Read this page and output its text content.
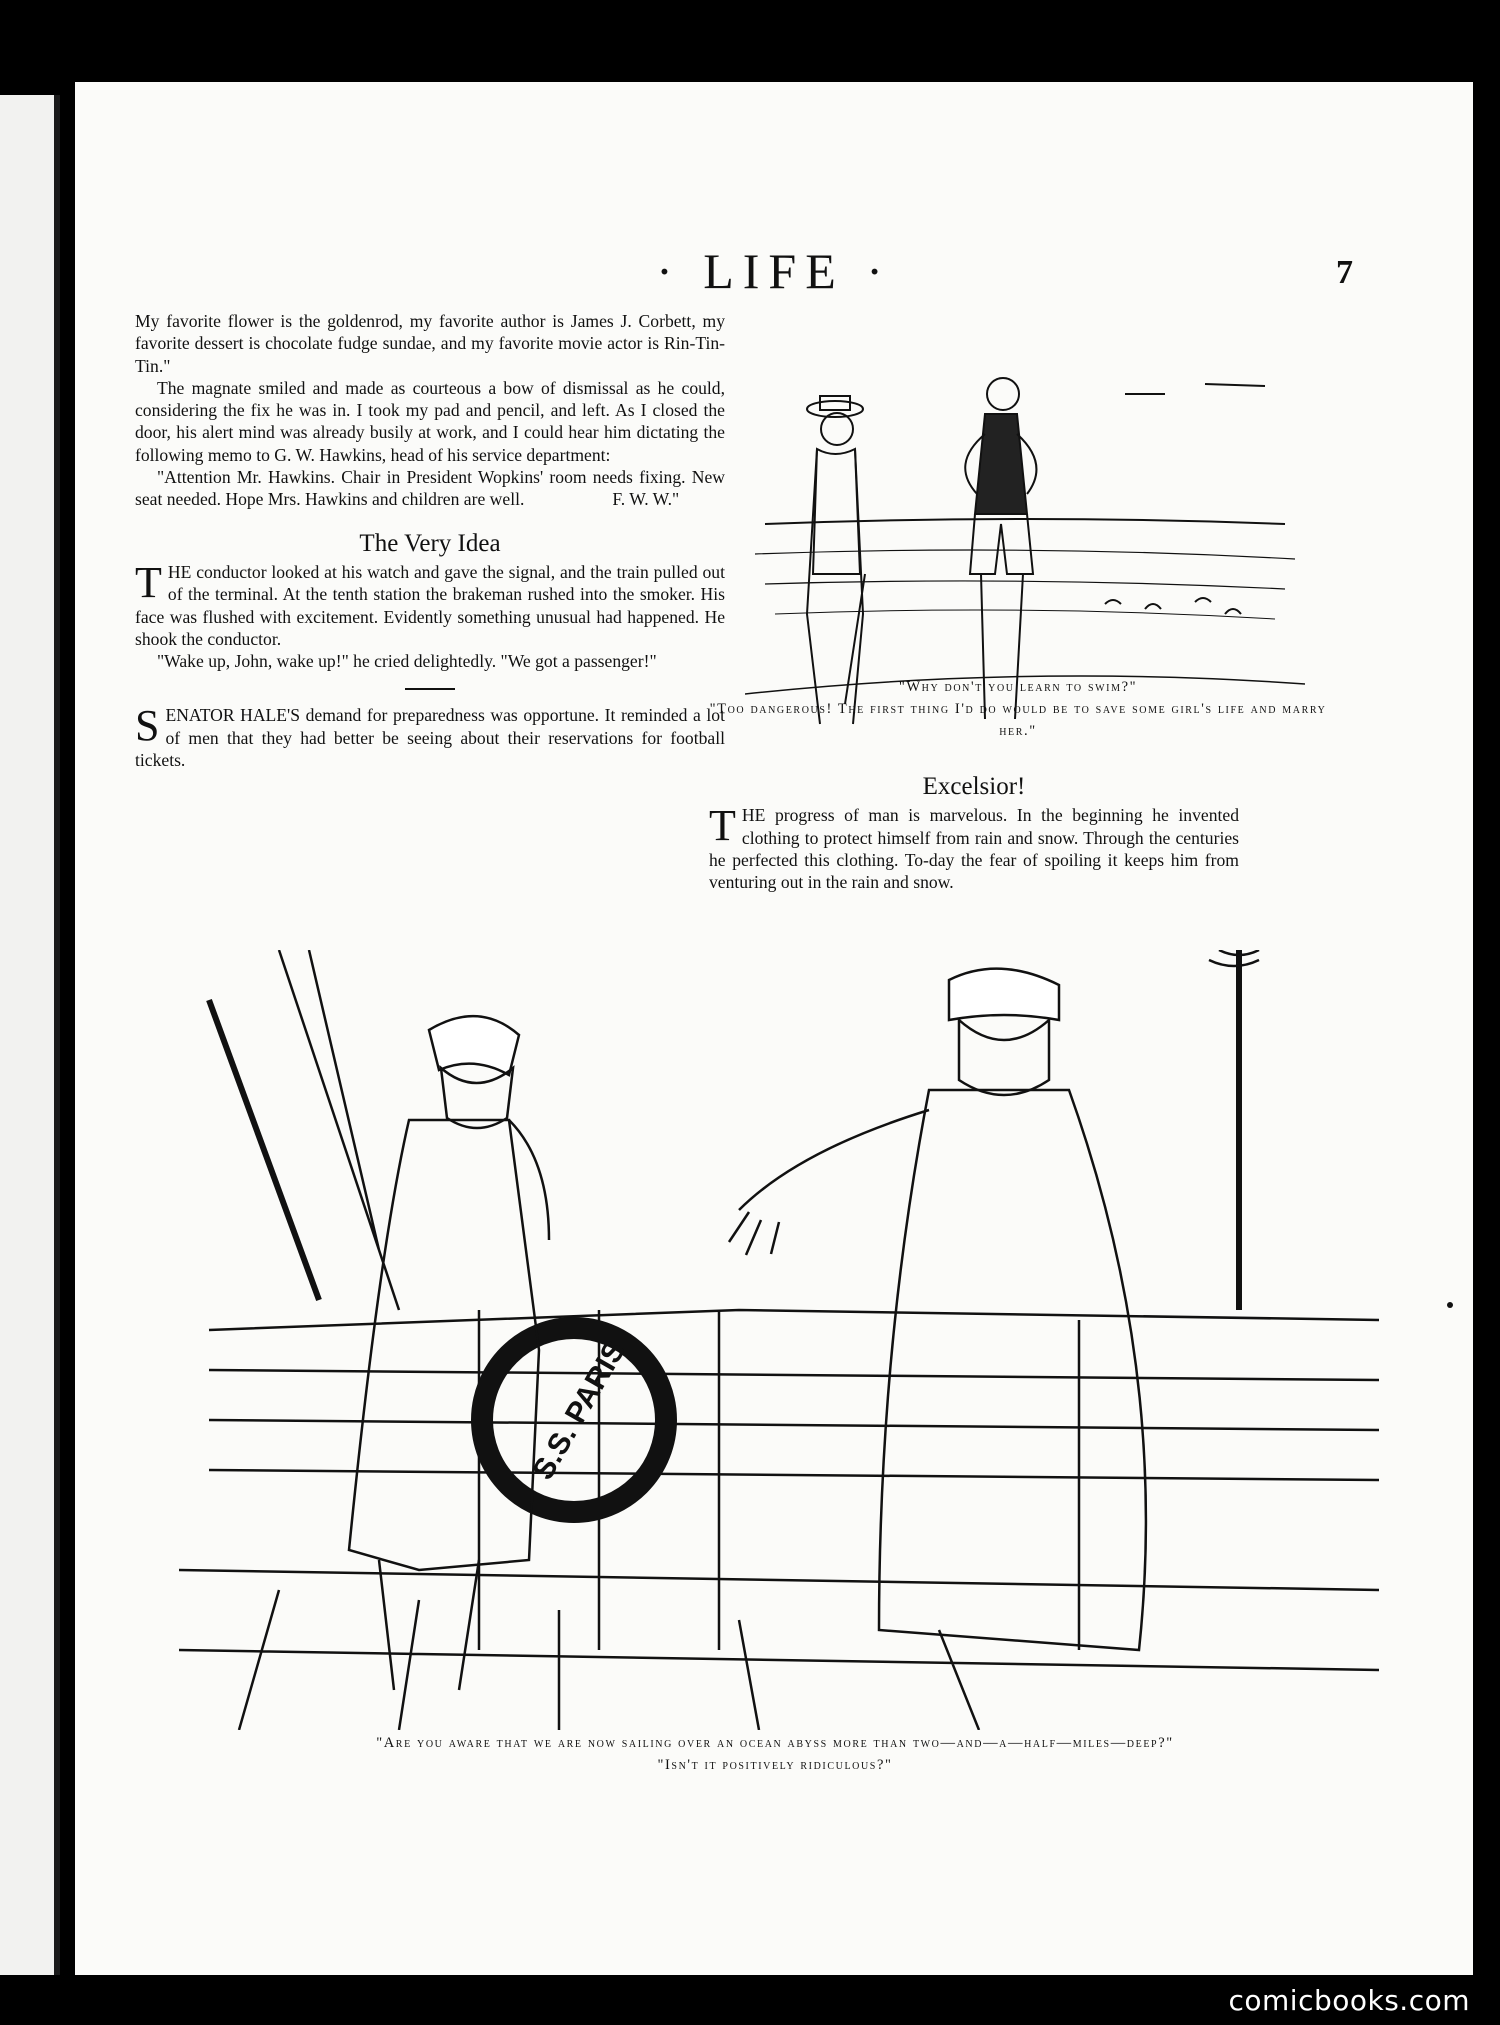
· LIFE ·	7

My favorite flower is the goldenrod, my favorite author is James J. Corbett, my favorite dessert is chocolate fudge sundae, and my favorite movie actor is Rin-Tin-Tin."

The magnate smiled and made as courteous a bow of dismissal as he could, considering the fix he was in. I took my pad and pencil, and left. As I closed the door, his alert mind was already busily at work, and I could hear him dictating the following memo to G. W. Hawkins, head of his service department:

"Attention Mr. Hawkins. Chair in President Wopkins' room needs fixing. New seat needed. Hope Mrs. Hawkins and children are well.	F. W. W."

The Very Idea

THE conductor looked at his watch and gave the signal, and the train pulled out of the terminal. At the tenth station the brakeman rushed into the smoker. His face was flushed with excitement. Evidently something unusual had happened. He shook the conductor.

"Wake up, John, wake up!" he cried delightedly. "We got a passenger!"

SENATOR HALE'S demand for preparedness was opportune. It reminded a lot of men that they had better be seeing about their reservations for football tickets.

"Why don't you learn to swim?"
"Too dangerous! The first thing I'd do would be to save some girl's life and marry her."
Excelsior!

THE progress of man is marvelous. In the beginning he invented clothing to protect himself from rain and snow. Through the centuries he perfected this clothing. To-day the fear of spoiling it keeps him from venturing out in the rain and snow.

S.S. PARIS
"Are you aware that we are now sailing over an ocean abyss more than two—and—a—half—miles—deep?"
"Isn't it positively ridiculous?"
comicbooks.com
